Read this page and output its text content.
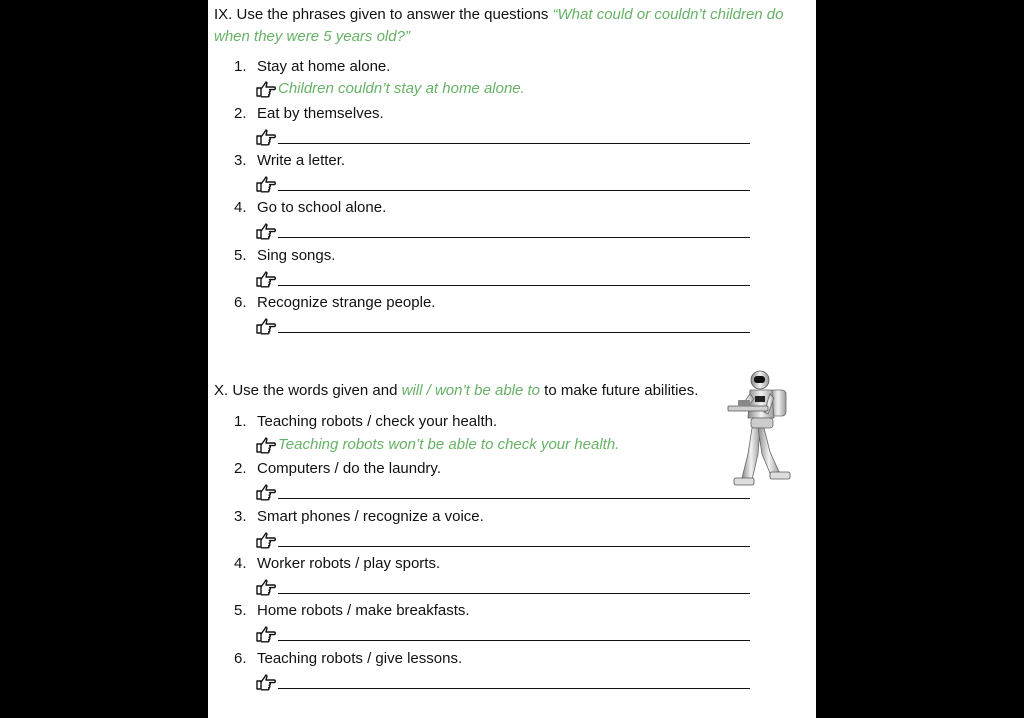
IX. Use the phrases given to answer the questions “What could or couldn’t children do
when they were 5 years old?”
1. Stay at home alone.
Children couldn’t stay at home alone.
2. Eat by themselves.
3. Write a letter.
4. Go to school alone.
5. Sing songs.
6. Recognize strange people.
X. Use the words given and will / won’t be able to to make future abilities.
1. Teaching robots / check your health.
Teaching robots won’t be able to check your health.
2. Computers / do the laundry.
3. Smart phones / recognize a voice.
4. Worker robots / play sports.
5. Home robots / make breakfasts.
6. Teaching robots / give lessons.
